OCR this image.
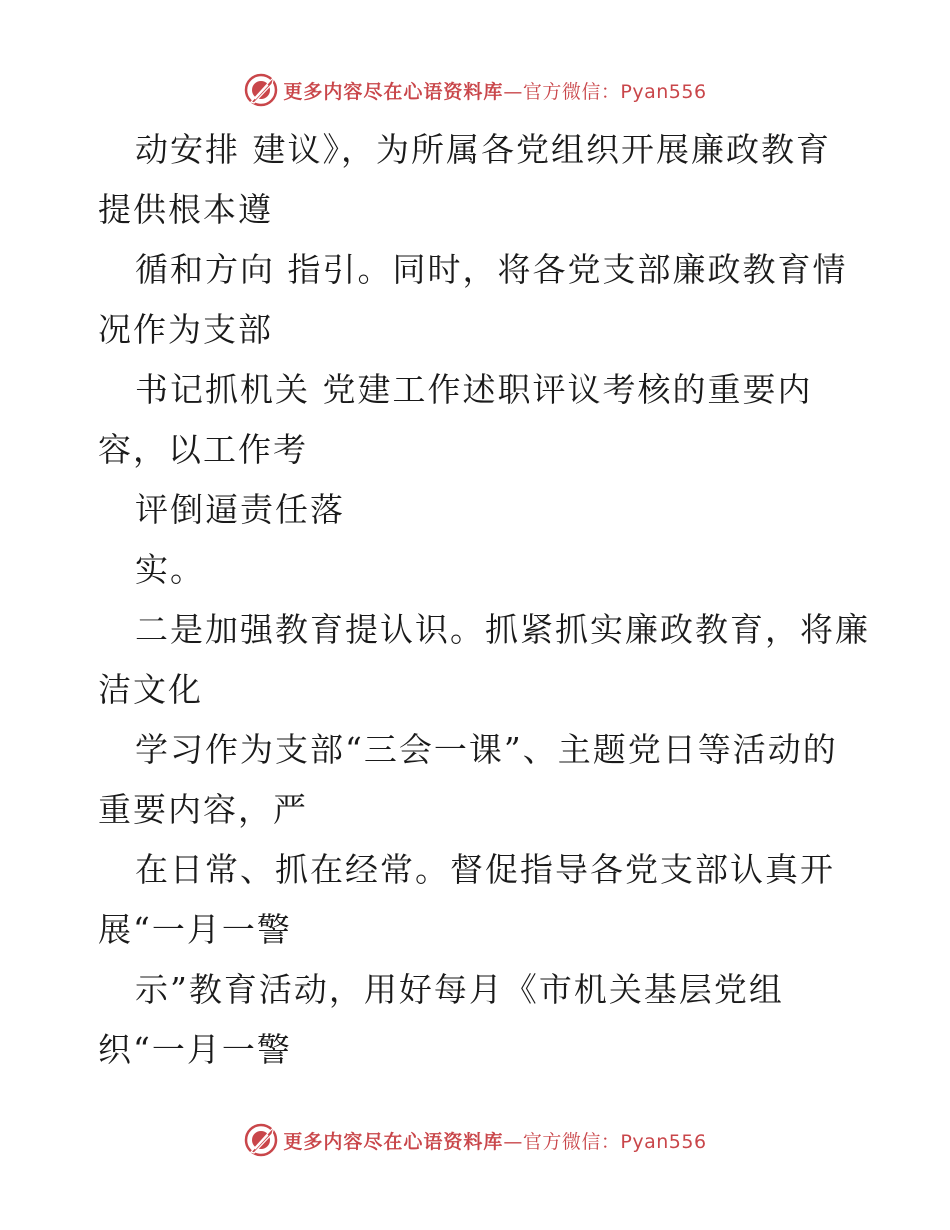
更多内容尽在心语资料库—官方微信：Pyan556
动安排 建议》，为所属各党组织开展廉政教育
提供根本遵
循和方向 指引。同时，将各党支部廉政教育情
况作为支部
书记抓机关 党建工作述职评议考核的重要内
容，以工作考
评倒逼责任落
实。
二是加强教育提认识。抓紧抓实廉政教育，将廉
洁文化
学习作为支部“三会一课”、主题党日等活动的
重要内容，严
在日常、抓在经常。督促指导各党支部认真开
展“一月一警
示”教育活动，用好每月《市机关基层党组
织“一月一警
更多内容尽在心语资料库—官方微信：Pyan556
